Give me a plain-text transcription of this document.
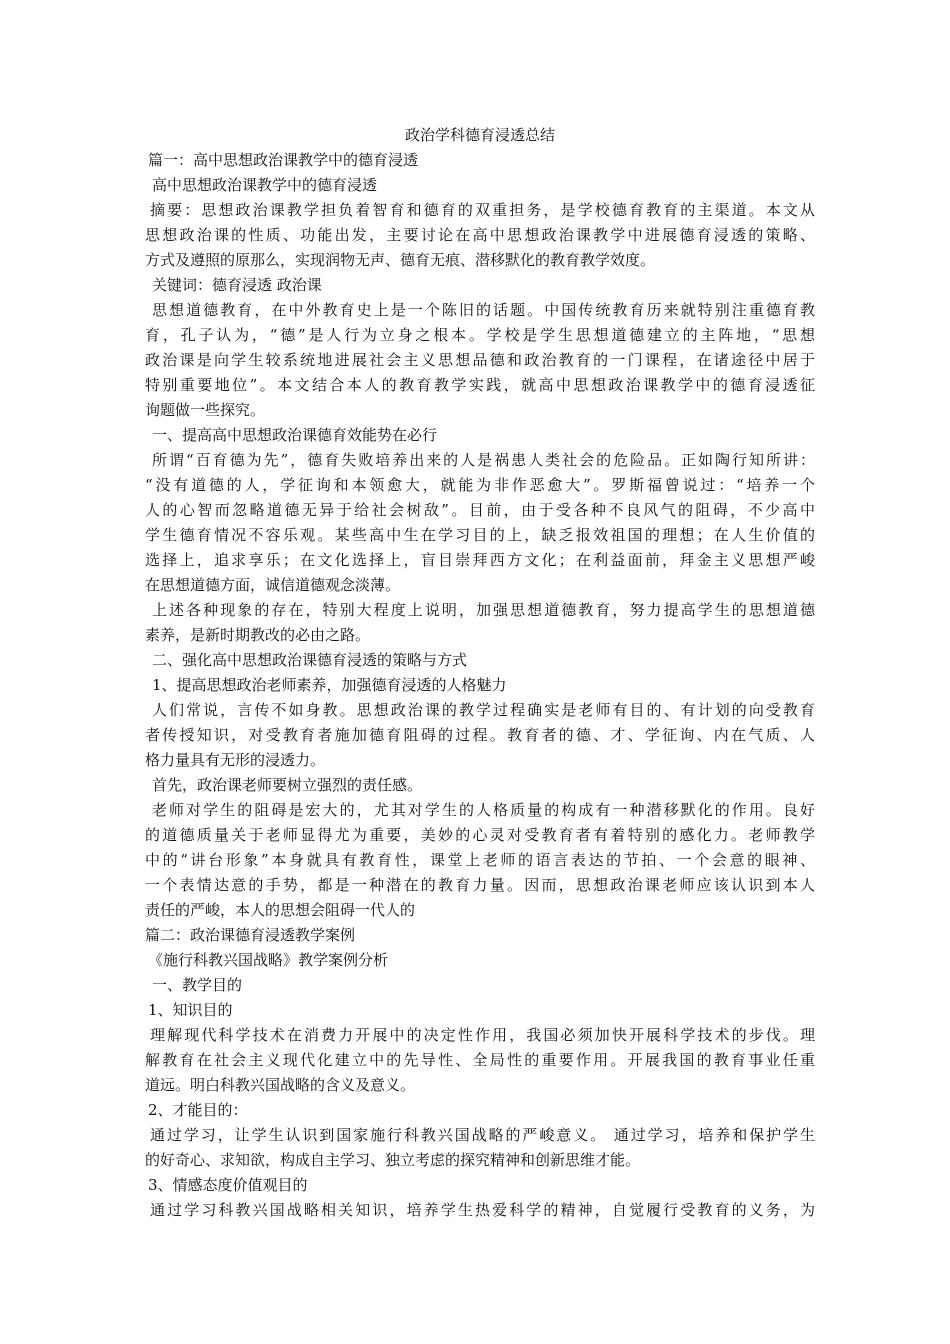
政治学科德育浸透总结
篇一：高中思想政治课教学中的德育浸透
高中思想政治课教学中的德育浸透
摘要：思想政治课教学担负着智育和德育的双重担务，是学校德育教育的主渠道。本文从
思想政治课的性质、功能出发，主要讨论在高中思想政治课教学中进展德育浸透的策略、
方式及遵照的原那么，实现润物无声、德育无痕、潜移默化的教育教学效度。
关键词：德育浸透 政治课
思想道德教育，在中外教育史上是一个陈旧的话题。中国传统教育历来就特别注重德育教
育，孔子认为，“德”是人行为立身之根本。学校是学生思想道德建立的主阵地，“思想
政治课是向学生较系统地进展社会主义思想品德和政治教育的一门课程，在诸途径中居于
特别重要地位”。本文结合本人的教育教学实践，就高中思想政治课教学中的德育浸透征
询题做一些探究。
一、提高高中思想政治课德育效能势在必行
所谓“百育德为先”，德育失败培养出来的人是祸患人类社会的危险品。正如陶行知所讲：
“没有道德的人，学征询和本领愈大，就能为非作恶愈大”。罗斯福曾说过：“培养一个
人的心智而忽略道德无异于给社会树敌”。目前，由于受各种不良风气的阻碍，不少高中
学生德育情况不容乐观。某些高中生在学习目的上，缺乏报效祖国的理想；在人生价值的
选择上，追求享乐；在文化选择上，盲目崇拜西方文化；在利益面前，拜金主义思想严峻
在思想道德方面，诚信道德观念淡薄。
上述各种现象的存在，特别大程度上说明，加强思想道德教育，努力提高学生的思想道德
素养，是新时期教改的必由之路。
二、强化高中思想政治课德育浸透的策略与方式
1、提高思想政治老师素养，加强德育浸透的人格魅力
人们常说，言传不如身教。思想政治课的教学过程确实是老师有目的、有计划的向受教育
者传授知识，对受教育者施加德育阻碍的过程。教育者的德、才、学征询、内在气质、人
格力量具有无形的浸透力。
首先，政治课老师要树立强烈的责任感。
老师对学生的阻碍是宏大的，尤其对学生的人格质量的构成有一种潜移默化的作用。良好
的道德质量关于老师显得尤为重要，美妙的心灵对受教育者有着特别的感化力。老师教学
中的“讲台形象”本身就具有教育性，课堂上老师的语言表达的节拍、一个会意的眼神、
一个表情达意的手势，都是一种潜在的教育力量。因而，思想政治课老师应该认识到本人
责任的严峻，本人的思想会阻碍一代人的
篇二：政治课德育浸透教学案例
《施行科教兴国战略》教学案例分析
一、教学目的
1、知识目的
理解现代科学技术在消费力开展中的决定性作用，我国必须加快开展科学技术的步伐。理
解教育在社会主义现代化建立中的先导性、全局性的重要作用。开展我国的教育事业任重
道远。明白科教兴国战略的含义及意义。
2、才能目的：
通过学习，让学生认识到国家施行科教兴国战略的严峻意义。 通过学习，培养和保护学生
的好奇心、求知欲，构成自主学习、独立考虑的探究精神和创新思维才能。
3、情感态度价值观目的
通过学习科教兴国战略相关知识，培养学生热爱科学的精神，自觉履行受教育的义务，为
